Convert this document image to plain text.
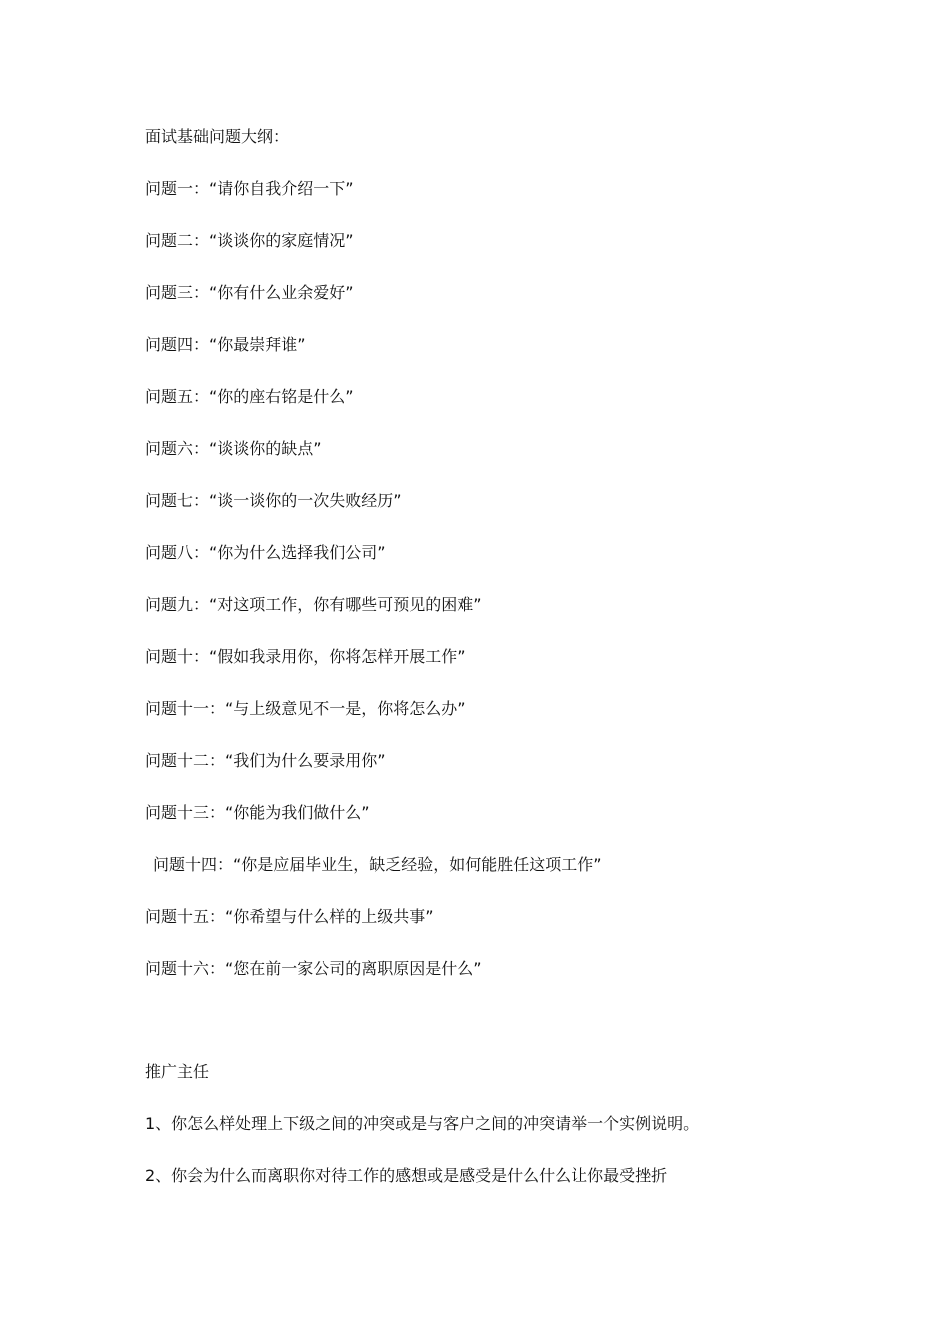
面试基础问题大纲：
问题一：“请你自我介绍一下”
问题二：“谈谈你的家庭情况”
问题三：“你有什么业余爱好”
问题四：“你最崇拜谁”
问题五：“你的座右铭是什么”
问题六：“谈谈你的缺点”
问题七：“谈一谈你的一次失败经历”
问题八：“你为什么选择我们公司”
问题九：“对这项工作，你有哪些可预见的困难”
问题十：“假如我录用你，你将怎样开展工作”
问题十一：“与上级意见不一是，你将怎么办”
问题十二：“我们为什么要录用你”
问题十三：“你能为我们做什么”
问题十四：“你是应届毕业生，缺乏经验，如何能胜任这项工作”
问题十五：“你希望与什么样的上级共事”
问题十六：“您在前一家公司的离职原因是什么”
推广主任
1、你怎么样处理上下级之间的冲突或是与客户之间的冲突请举一个实例说明。
2、你会为什么而离职你对待工作的感想或是感受是什么什么让你最受挫折
